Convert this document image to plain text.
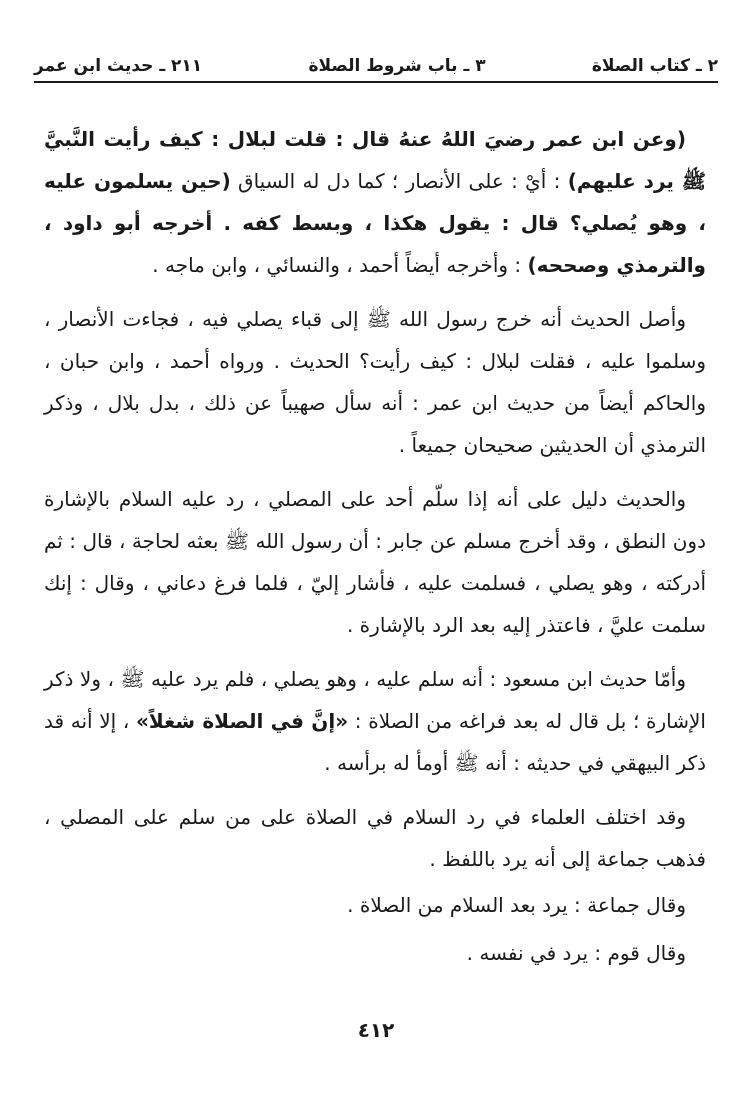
٢ ـ كتاب الصلاة
٣ ـ باب شروط الصلاة
٢١١ ـ حديث ابن عمر

(وعن ابن عمر رضيَ اللهُ عنهُ قال : قلت لبلال : كيف رأيت النَّبيَّ ﷺ يرد عليهم) : أيْ : على الأنصار ؛ كما دل له السياق (حين يسلمون عليه ، وهو يُصلي؟ قال : يقول هكذا ، وبسط كفه . أخرجه أبو داود ، والترمذي وصححه) : وأخرجه أيضاً أحمد ، والنسائي ، وابن ماجه .

وأصل الحديث أنه خرج رسول الله ﷺ إلى قباء يصلي فيه ، فجاءت الأنصار ، وسلموا عليه ، فقلت لبلال : كيف رأيت؟ الحديث . ورواه أحمد ، وابن حبان ، والحاكم أيضاً من حديث ابن عمر : أنه سأل صهيباً عن ذلك ، بدل بلال ، وذكر الترمذي أن الحديثين صحيحان جميعاً .

والحديث دليل على أنه إذا سلّم أحد على المصلي ، رد عليه السلام بالإشارة دون النطق ، وقد أخرج مسلم عن جابر : أن رسول الله ﷺ بعثه لحاجة ، قال : ثم أدركته ، وهو يصلي ، فسلمت عليه ، فأشار إليّ ، فلما فرغ دعاني ، وقال : إنك سلمت عليَّ ، فاعتذر إليه بعد الرد بالإشارة .

وأمّا حديث ابن مسعود : أنه سلم عليه ، وهو يصلي ، فلم يرد عليه ﷺ ، ولا ذكر الإشارة ؛ بل قال له بعد فراغه من الصلاة : «إنَّ في الصلاة شغلاً» ، إلا أنه قد ذكر البيهقي في حديثه : أنه ﷺ أومأ له برأسه .

وقد اختلف العلماء في رد السلام في الصلاة على من سلم على المصلي ، فذهب جماعة إلى أنه يرد باللفظ .

وقال جماعة : يرد بعد السلام من الصلاة .

وقال قوم : يرد في نفسه .

٤١٢
